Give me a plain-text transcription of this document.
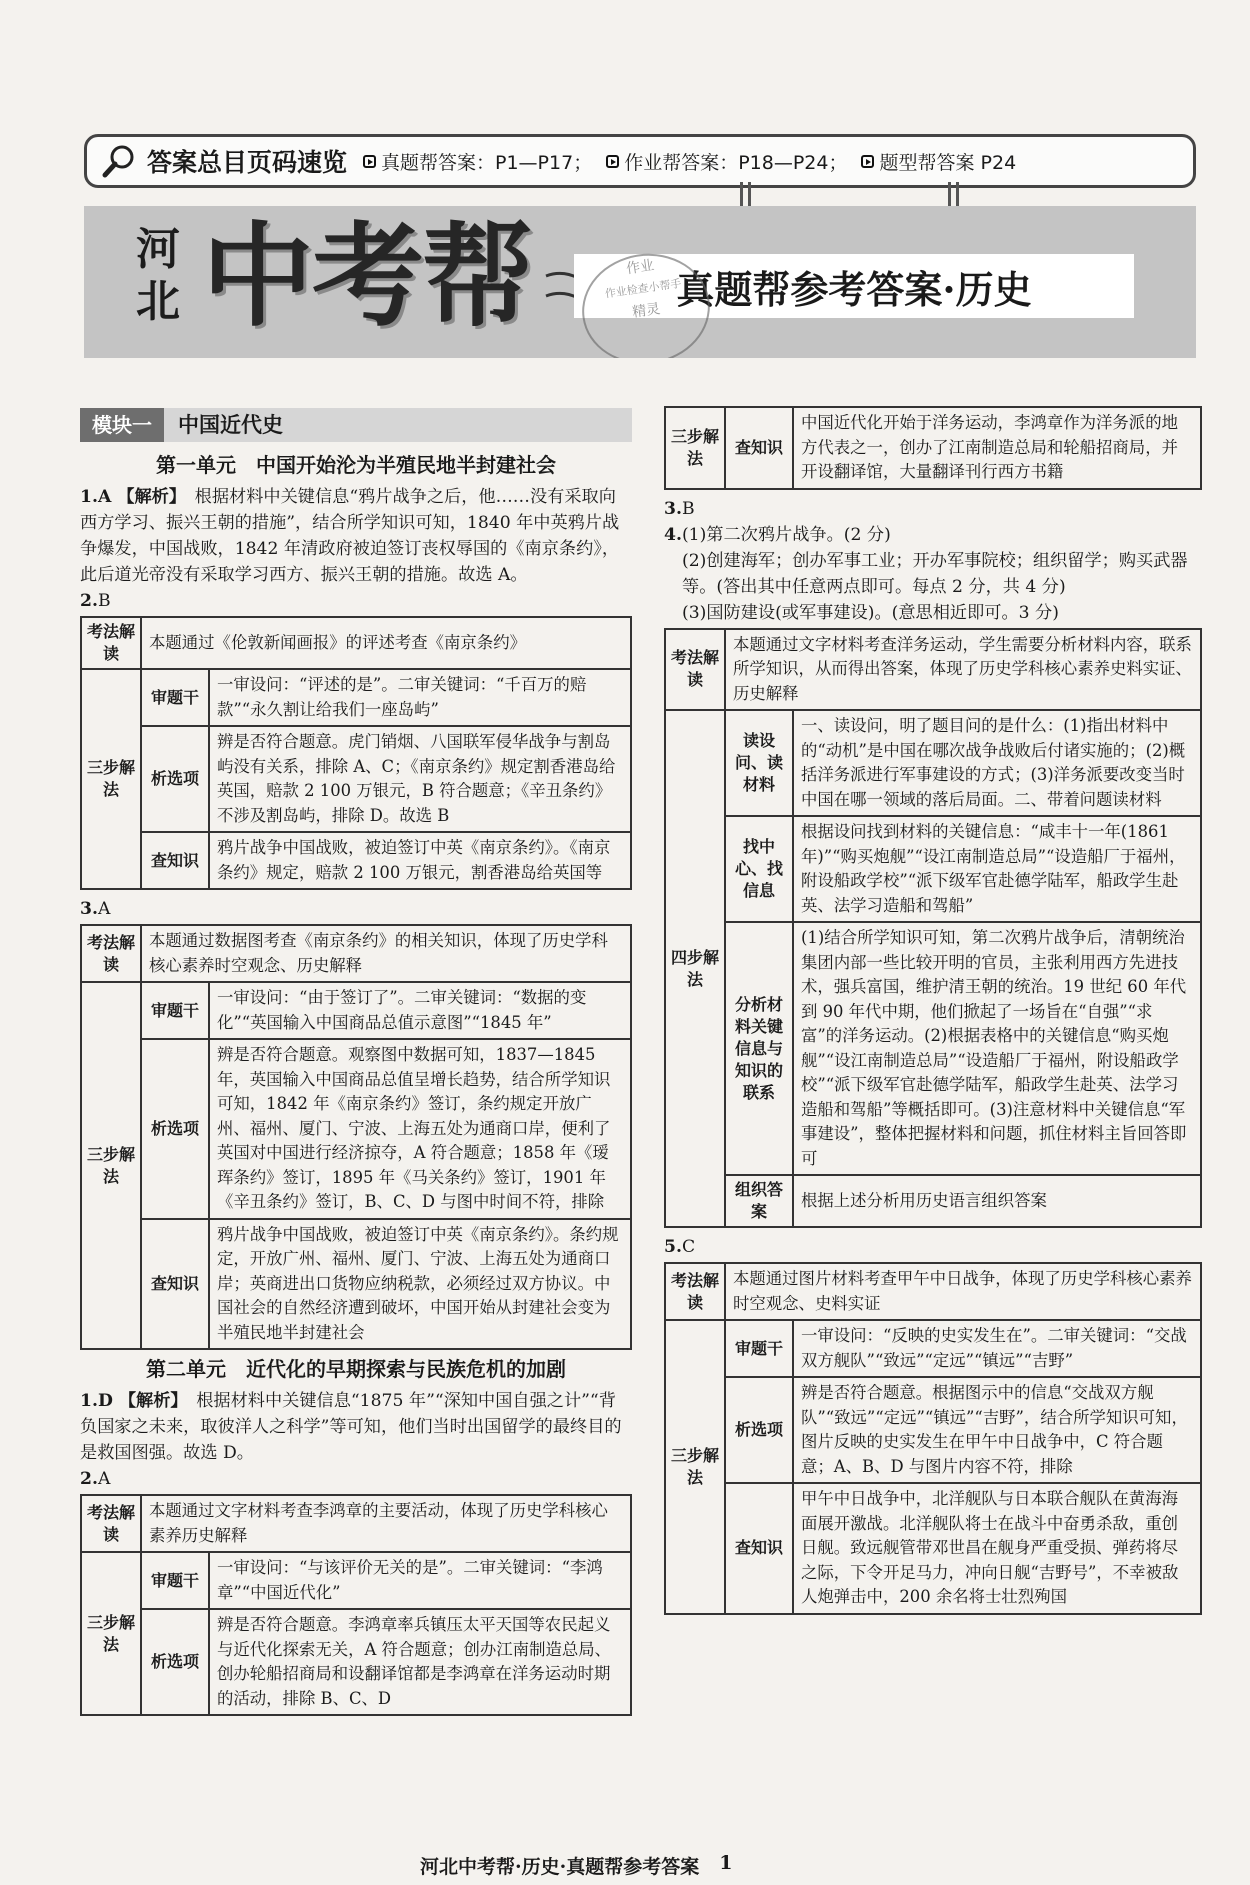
答案总目页码速览 真题帮答案：P1—P17； 作业帮答案：P18—P24； 题型帮答案 P24
河北 中考帮	真题帮参考答案·历史
作业
作业检查小帮手
精灵
模块一	中国近代史
第一单元　中国开始沦为半殖民地半封建社会

1.A 【解析】　 根据材料中关键信息“鸦片战争之后，他……没有采取向西方学习、振兴王朝的措施”，结合所学知识可知，1840 年中英鸦片战争爆发，中国战败，1842 年清政府被迫签订丧权辱国的《南京条约》，此后道光帝没有采取学习西方、振兴王朝的措施。故选 A。

2.B

考法解读	本题通过《伦敦新闻画报》的评述考查《南京条约》	
三步解法	审题干	一审设问：“评述的是”。二审关键词：“千百万的赔款”“永久割让给我们一座岛屿”
	析选项	辨是否符合题意。虎门销烟、八国联军侵华战争与割岛屿没有关系，排除 A、C；《南京条约》规定割香港岛给英国，赔款 2 100 万银元，B 符合题意；《辛丑条约》不涉及割岛屿，排除 D。故选 B
	查知识	鸦片战争中国战败，被迫签订中英《南京条约》。《南京条约》规定，赔款 2 100 万银元，割香港岛给英国等

3.A

考法解读	本题通过数据图考查《南京条约》的相关知识，体现了历史学科核心素养时空观念、历史解释	
三步解法	审题干	一审设问：“由于签订了”。二审关键词：“数据的变化”“英国输入中国商品总值示意图”“1845 年”
	析选项	辨是否符合题意。观察图中数据可知，1837—1845 年，英国输入中国商品总值呈增长趋势，结合所学知识可知，1842 年《南京条约》签订，条约规定开放广州、福州、厦门、宁波、上海五处为通商口岸，便利了英国对中国进行经济掠夺，A 符合题意；1858 年《瑷珲条约》签订，1895 年《马关条约》签订，1901 年《辛丑条约》签订，B、C、D 与图中时间不符，排除
	查知识	鸦片战争中国战败，被迫签订中英《南京条约》。条约规定，开放广州、福州、厦门、宁波、上海五处为通商口岸；英商进出口货物应纳税款，必须经过双方协议。中国社会的自然经济遭到破坏，中国开始从封建社会变为半殖民地半封建社会
第二单元　近代化的早期探索与民族危机的加剧

1.D 【解析】　 根据材料中关键信息“1875 年”“深知中国自强之计”“背负国家之未来，取彼洋人之科学”等可知，他们当时出国留学的最终目的是救国图强。故选 D。

2.A

考法解读	本题通过文字材料考查李鸿章的主要活动，体现了历史学科核心素养历史解释	
三步解法	审题干	一审设问：“与该评价无关的是”。二审关键词：“李鸿章”“中国近代化”
	析选项	辨是否符合题意。李鸿章率兵镇压太平天国等农民起义与近代化探索无关，A 符合题意；创办江南制造总局、创办轮船招商局和设翻译馆都是李鸿章在洋务运动时期的活动，排除 B、C、D
三步解法	查知识	中国近代化开始于洋务运动，李鸿章作为洋务派的地方代表之一，创办了江南制造总局和轮船招商局，并开设翻译馆，大量翻译刊行西方书籍

3.B

4.(1)第二次鸦片战争。(2 分)

(2)创建海军；创办军事工业；开办军事院校；组织留学；购买武器等。(答出其中任意两点即可。每点 2 分，共 4 分)

(3)国防建设(或军事建设)。(意思相近即可。3 分)

考法解读	本题通过文字材料考查洋务运动，学生需要分析材料内容，联系所学知识，从而得出答案，体现了历史学科核心素养史料实证、历史解释	
四步解法	读设问、读材料	一、读设问，明了题目问的是什么：(1)指出材料中的“动机”是中国在哪次战争战败后付诸实施的；(2)概括洋务派进行军事建设的方式；(3)洋务派要改变当时中国在哪一领域的落后局面。二、带着问题读材料
	找中心、找信息	根据设问找到材料的关键信息：“咸丰十一年(1861 年)”“购买炮舰”“设江南制造总局”“设造船厂于福州，附设船政学校”“派下级军官赴德学陆军，船政学生赴英、法学习造船和驾船”
	分析材料关键信息与知识的联系	(1)结合所学知识可知，第二次鸦片战争后，清朝统治集团内部一些比较开明的官员，主张利用西方先进技术，强兵富国，维护清王朝的统治。19 世纪 60 年代到 90 年代中期，他们掀起了一场旨在“自强”“求富”的洋务运动。(2)根据表格中的关键信息“购买炮舰”“设江南制造总局”“设造船厂于福州，附设船政学校”“派下级军官赴德学陆军，船政学生赴英、法学习造船和驾船”等概括即可。(3)注意材料中关键信息“军事建设”，整体把握材料和问题，抓住材料主旨回答即可
	组织答案	根据上述分析用历史语言组织答案

5.C

考法解读	本题通过图片材料考查甲午中日战争，体现了历史学科核心素养时空观念、史料实证	
三步解法	审题干	一审设问：“反映的史实发生在”。二审关键词：“交战双方舰队”“致远”“定远”“镇远”“吉野”
	析选项	辨是否符合题意。根据图示中的信息“交战双方舰队”“致远”“定远”“镇远”“吉野”，结合所学知识可知，图片反映的史实发生在甲午中日战争中，C 符合题意；A、B、D 与图片内容不符，排除
	查知识	甲午中日战争中，北洋舰队与日本联合舰队在黄海海面展开激战。北洋舰队将士在战斗中奋勇杀敌，重创日舰。致远舰管带邓世昌在舰身严重受损、弹药将尽之际，下令开足马力，冲向日舰“吉野号”，不幸被敌人炮弹击中，200 余名将士壮烈殉国
河北中考帮·历史·真题帮参考答案 1
